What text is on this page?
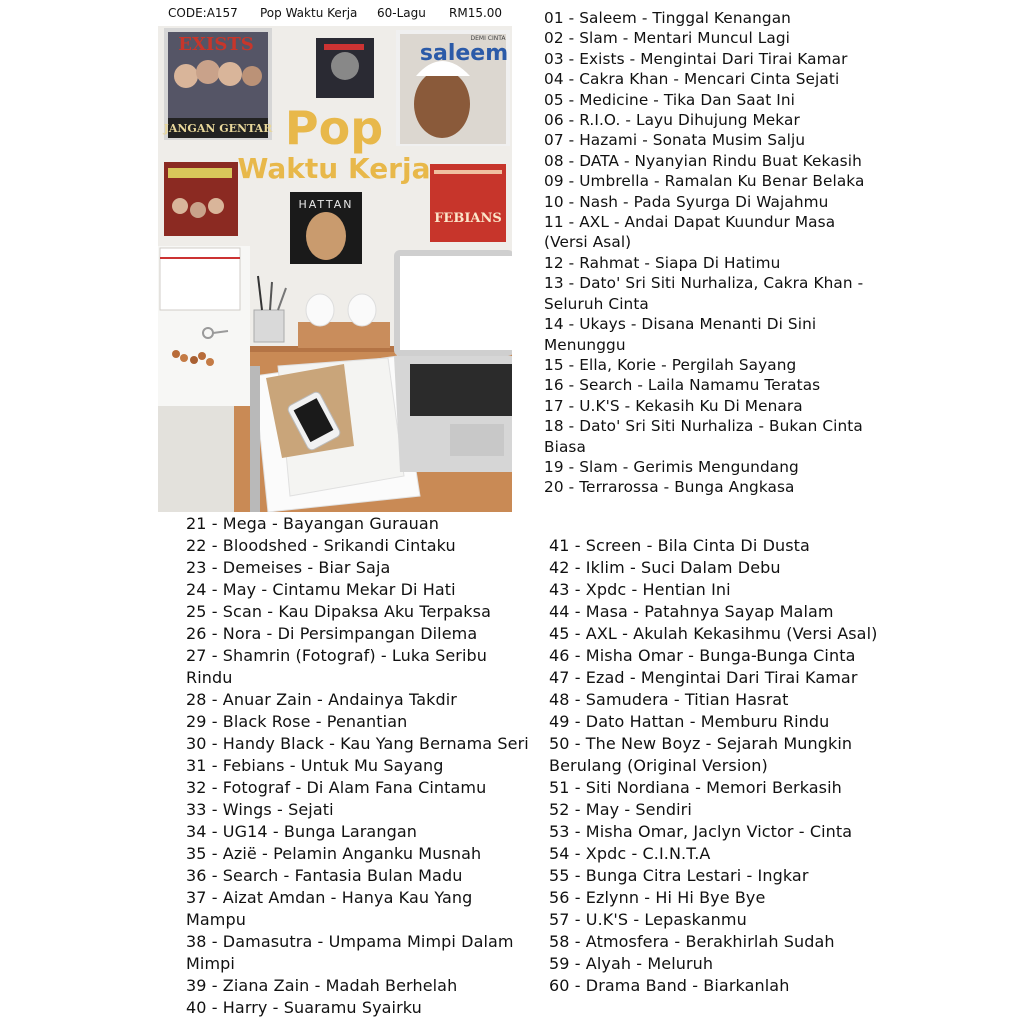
CODE:A157 Pop Waktu Kerja 60-Lagu RM15.00
EXISTS
JANGAN GENTAR
saleem
DEMI CINTA
Pop
Waktu Kerja
HATTAN
FEBIANS
01 - Saleem - Tinggal Kenangan
02 - Slam - Mentari Muncul Lagi
03 - Exists - Mengintai Dari Tirai Kamar
04 - Cakra Khan - Mencari Cinta Sejati
05 - Medicine - Tika Dan Saat Ini
06 - R.I.O. - Layu Dihujung Mekar
07 - Hazami - Sonata Musim Salju
08 - DATA - Nyanyian Rindu Buat Kekasih
09 - Umbrella - Ramalan Ku Benar Belaka
10 - Nash - Pada Syurga Di Wajahmu
11 - AXL - Andai Dapat Kuundur Masa
(Versi Asal)
12 - Rahmat - Siapa Di Hatimu
13 - Dato' Sri Siti Nurhaliza, Cakra Khan -
Seluruh Cinta
14 - Ukays - Disana Menanti Di Sini
Menunggu
15 - Ella, Korie - Pergilah Sayang
16 - Search - Laila Namamu Teratas
17 - U.K'S - Kekasih Ku Di Menara
18 - Dato' Sri Siti Nurhaliza - Bukan Cinta
Biasa
19 - Slam - Gerimis Mengundang
20 - Terrarossa - Bunga Angkasa
21 - Mega - Bayangan Gurauan
22 - Bloodshed - Srikandi Cintaku
23 - Demeises - Biar Saja
24 - May - Cintamu Mekar Di Hati
25 - Scan - Kau Dipaksa Aku Terpaksa
26 - Nora - Di Persimpangan Dilema
27 - Shamrin (Fotograf) - Luka Seribu
Rindu
28 - Anuar Zain - Andainya Takdir
29 - Black Rose - Penantian
30 - Handy Black - Kau Yang Bernama Seri
31 - Febians - Untuk Mu Sayang
32 - Fotograf - Di Alam Fana Cintamu
33 - Wings - Sejati
34 - UG14 - Bunga Larangan
35 - Azië - Pelamin Anganku Musnah
36 - Search - Fantasia Bulan Madu
37 - Aizat Amdan - Hanya Kau Yang
Mampu
38 - Damasutra - Umpama Mimpi Dalam
Mimpi
39 - Ziana Zain - Madah Berhelah
40 - Harry - Suaramu Syairku
41 - Screen - Bila Cinta Di Dusta
42 - Iklim - Suci Dalam Debu
43 - Xpdc - Hentian Ini
44 - Masa - Patahnya Sayap Malam
45 - AXL - Akulah Kekasihmu (Versi Asal)
46 - Misha Omar - Bunga-Bunga Cinta
47 - Ezad - Mengintai Dari Tirai Kamar
48 - Samudera - Titian Hasrat
49 - Dato Hattan - Memburu Rindu
50 - The New Boyz - Sejarah Mungkin
Berulang (Original Version)
51 - Siti Nordiana - Memori Berkasih
52 - May - Sendiri
53 - Misha Omar, Jaclyn Victor - Cinta
54 - Xpdc - C.I.N.T.A
55 - Bunga Citra Lestari - Ingkar
56 - Ezlynn - Hi Hi Bye Bye
57 - U.K'S - Lepaskanmu
58 - Atmosfera - Berakhirlah Sudah
59 - Alyah - Meluruh
60 - Drama Band - Biarkanlah
